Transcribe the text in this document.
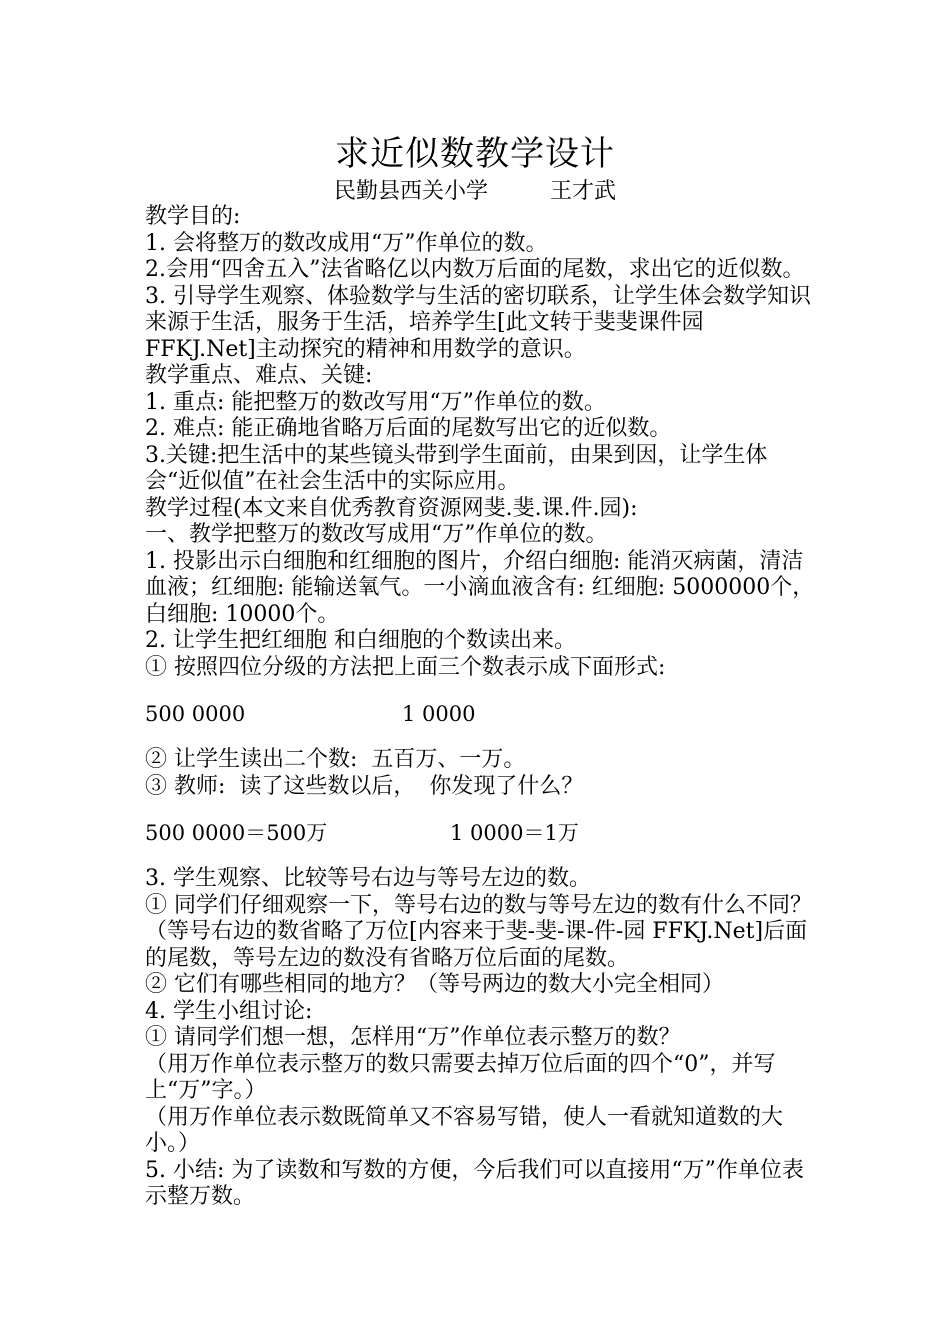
求近似数教学设计
民勤县西关小学	王才武

教学目的:

1. 会将整万的数改成用“万”作单位的数。

2.会用“四舍五入”法省略亿以内数万后面的尾数，求出它的近似数。

3. 引导学生观察、体验数学与生活的密切联系，让学生体会数学知识来源于生活，服务于生活，培养学生[此文转于斐斐课件园 FFKJ.Net]主动探究的精神和用数学的意识。

教学重点、难点、关键:

1. 重点: 能把整万的数改写用“万”作单位的数。

2. 难点: 能正确地省略万后面的尾数写出它的近似数。

3.关键:把生活中的某些镜头带到学生面前，由果到因，让学生体会“近似值”在社会生活中的实际应用。

教学过程(本文来自优秀教育资源网斐.斐.课.件.园):

一、教学把整万的数改写成用“万”作单位的数。

1. 投影出示白细胞和红细胞的图片，介绍白细胞: 能消灭病菌，清洁血液；红细胞: 能输送氧气。一小滴血液含有: 红细胞: 5000000个，  白细胞: 10000个。

2. 让学生把红细胞 和白细胞的个数读出来。

① 按照四位分级的方法把上面三个数表示成下面形式:

500 0000	1 0000

② 让学生读出二个数:  五百万、一万。

③ 教师:  读了这些数以后，  你发现了什么？

500 0000＝500万	1 0000＝1万

3. 学生观察、比较等号右边与等号左边的数。

① 同学们仔细观察一下，等号右边的数与等号左边的数有什么不同？

（等号右边的数省略了万位[内容来于斐-斐-课-件-园 FFKJ.Net]后面的尾数，等号左边的数没有省略万位后面的尾数。

② 它们有哪些相同的地方？（等号两边的数大小完全相同）

4. 学生小组讨论:

① 请同学们想一想，怎样用“万”作单位表示整万的数？

（用万作单位表示整万的数只需要去掉万位后面的四个“0”，并写上“万”字。）

（用万作单位表示数既简单又不容易写错，使人一看就知道数的大小。）

5. 小结: 为了读数和写数的方便，今后我们可以直接用“万”作单位表示整万数。
